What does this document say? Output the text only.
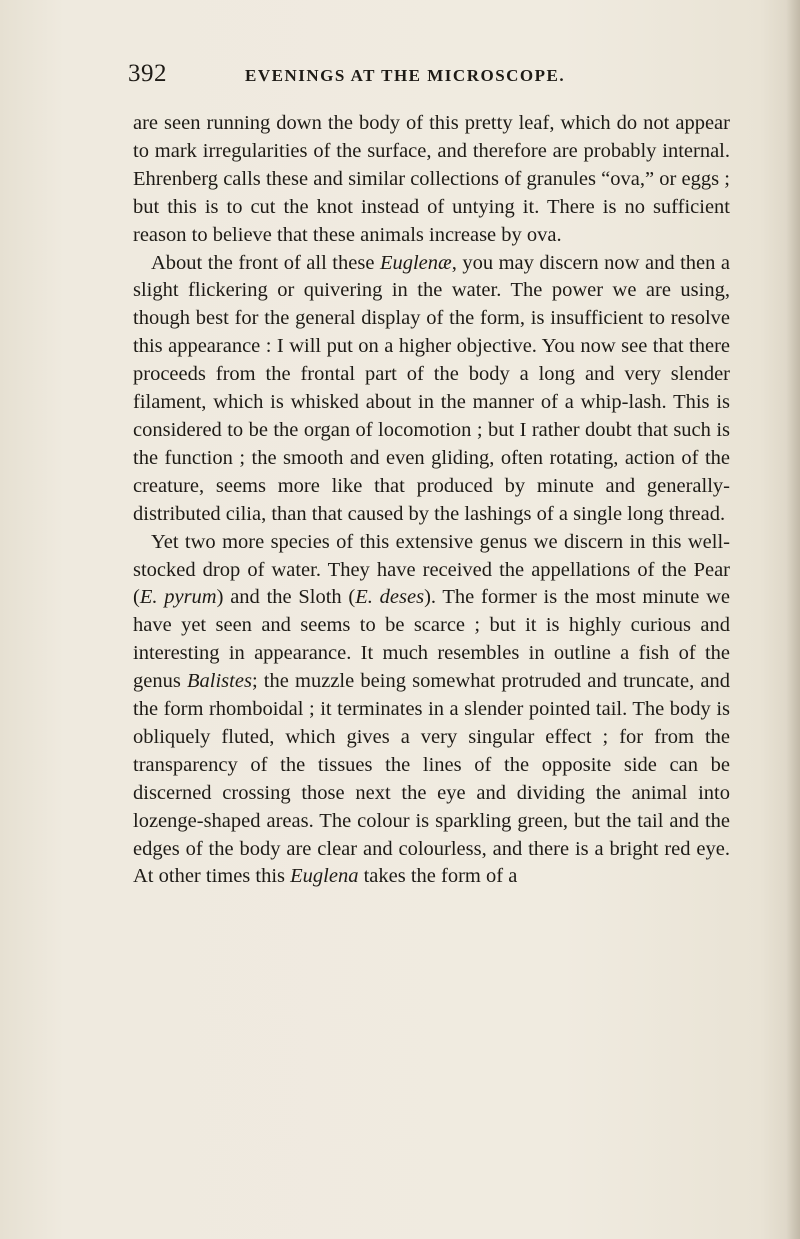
392	EVENINGS AT THE MICROSCOPE.

are seen running down the body of this pretty leaf, which do not appear to mark irregularities of the surface, and therefore are probably internal. Ehrenberg calls these and similar collections of granules “ova,” or eggs ; but this is to cut the knot instead of untying it. There is no sufficient reason to believe that these animals increase by ova.

About the front of all these Euglenæ, you may discern now and then a slight flickering or quivering in the water. The power we are using, though best for the general display of the form, is insufficient to resolve this appearance : I will put on a higher objective. You now see that there proceeds from the frontal part of the body a long and very slender filament, which is whisked about in the manner of a whip-lash. This is considered to be the organ of locomotion ; but I rather doubt that such is the function ; the smooth and even gliding, often rotating, action of the creature, seems more like that produced by minute and generally-distributed cilia, than that caused by the lashings of a single long thread.

Yet two more species of this extensive genus we discern in this well-stocked drop of water. They have received the appellations of the Pear (E. pyrum) and the Sloth (E. deses). The former is the most minute we have yet seen and seems to be scarce ; but it is highly curious and interesting in appearance. It much resembles in outline a fish of the genus Balistes; the muzzle being somewhat protruded and truncate, and the form rhomboidal ; it terminates in a slender pointed tail. The body is obliquely fluted, which gives a very singular effect ; for from the transparency of the tissues the lines of the opposite side can be discerned crossing those next the eye and dividing the animal into lozenge-shaped areas. The colour is sparkling green, but the tail and the edges of the body are clear and colourless, and there is a bright red eye. At other times this Euglena takes the form of a
